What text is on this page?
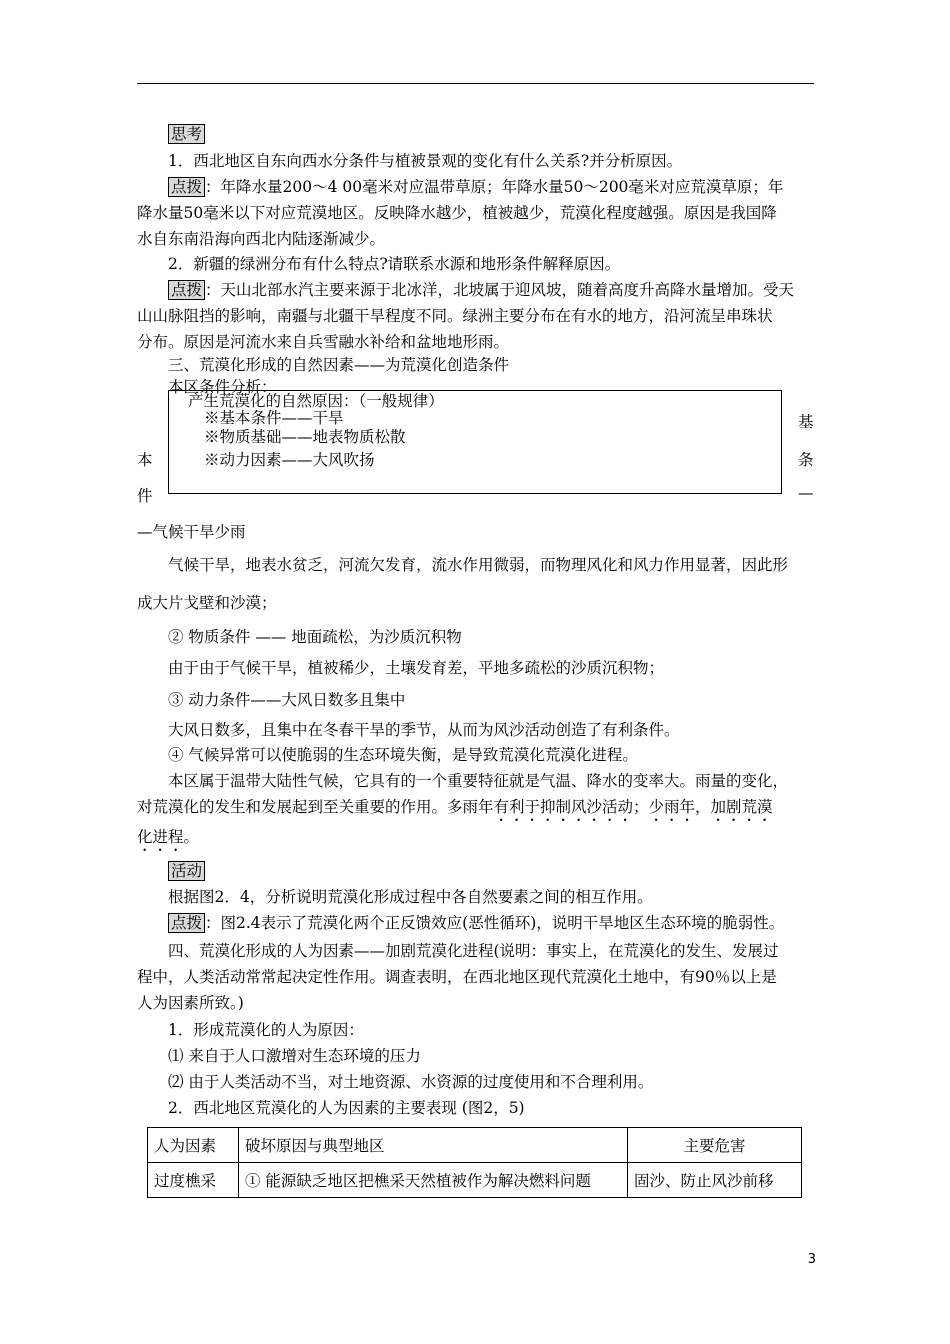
思考
1．西北地区自东向西水分条件与植被景观的变化有什么关系?并分析原因。
点拨 ：年降水量200～4 00毫米对应温带草原；年降水量50～200毫米对应荒漠草原；年
降水量50毫米以下对应荒漠地区。反映降水越少，植被越少，荒漠化程度越强。原因是我国降
水自东南沿海向西北内陆逐渐减少。
2．新疆的绿洲分布有什么特点?请联系水源和地形条件解释原因。
点拨 ：天山北部水汽主要来源于北冰洋，北坡属于迎风坡，随着高度升高降水量增加。受天
山山脉阻挡的影响，南疆与北疆干旱程度不同。绿洲主要分布在有水的地方，沿河流呈串珠状
分布。原因是河流水来自兵雪融水补给和盆地地形雨。
三、荒漠化形成的自然因素——为荒漠化创造条件
本区条件分析：
产生荒漠化的自然原因：（一般规律）
※基本条件——干旱
※物质基础——地表物质松散
※动力因素——大风吹扬
本
件
基
条
—
—气候干旱少雨
气候干旱，地表水贫乏，河流欠发育，流水作用微弱，而物理风化和风力作用显著，因此形
成大片戈壁和沙漠；
② 物质条件 —— 地面疏松，为沙质沉积物
由于由于气候干旱，植被稀少，土壤发育差，平地多疏松的沙质沉积物；
③ 动力条件——大风日数多且集中
大风日数多，且集中在冬春干旱的季节，从而为风沙活动创造了有利条件。
④ 气候异常可以使脆弱的生态环境失衡，是导致荒漠化荒漠化进程。
本区属于温带大陆性气候，它具有的一个重要特征就是气温、降水的变率大。雨量的变化，
对荒漠化的发生和发展起到至关重要的作用。多雨年有利于抑制风沙活动；少雨年，加剧荒漠
化进程。
活动
根据图2．4，分析说明荒漠化形成过程中各自然要素之间的相互作用。
点拨 ：图2.4表示了荒漠化两个正反馈效应(恶性循环)，说明干旱地区生态环境的脆弱性。
四、荒漠化形成的人为因素——加剧荒漠化进程(说明：事实上，在荒漠化的发生、发展过
程中，人类活动常常起决定性作用。调查表明，在西北地区现代荒漠化土地中，有90％以上是
人为因素所致。)
1．形成荒漠化的人为原因：
⑴ 来自于人口激增对生态环境的压力
⑵ 由于人类活动不当，对土地资源、水资源的过度使用和不合理利用。
2．西北地区荒漠化的人为因素的主要表现 (图2，5)
人为因素	破坏原因与典型地区	主要危害
过度樵采	① 能源缺乏地区把樵采天然植被作为解决燃料问题	固沙、防止风沙前移
3
